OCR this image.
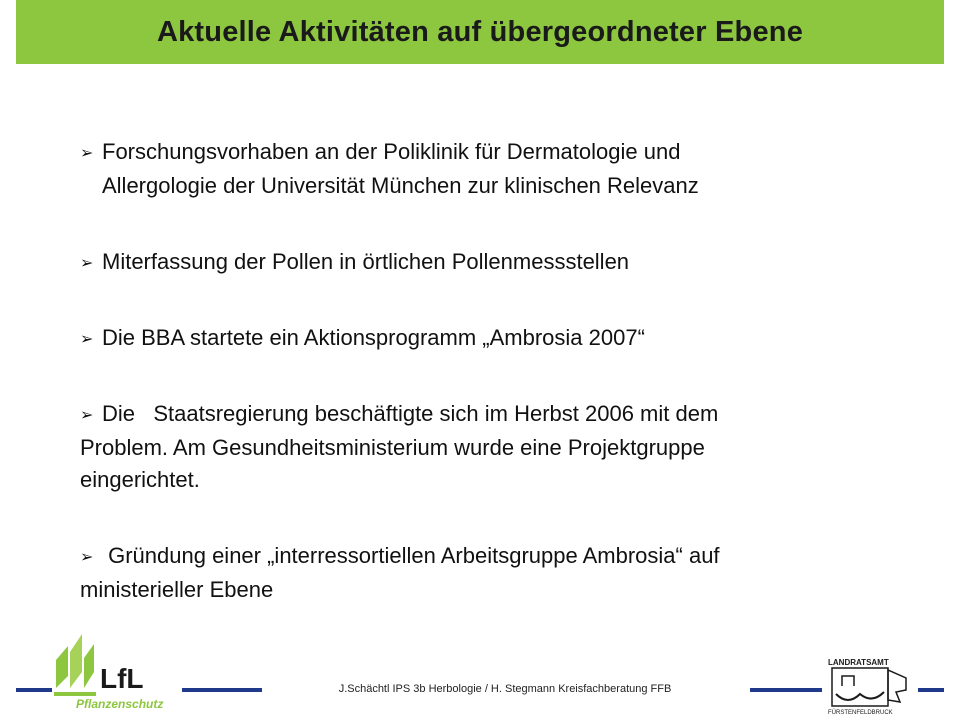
Aktuelle Aktivitäten auf übergeordneter Ebene
➢ Forschungsvorhaben an der Poliklinik für Dermatologie und
Allergologie der Universität München zur klinischen Relevanz
➢ Miterfassung der Pollen in örtlichen Pollenmessstellen
➢ Die BBA startete ein Aktionsprogramm „Ambrosia 2007“
➢ Die   Staatsregierung beschäftigte sich im Herbst 2006 mit dem
Problem. Am Gesundheitsministerium wurde eine Projektgruppe
eingerichtet.
➢ Gründung einer „interressortiellen Arbeitsgruppe Ambrosia“ auf
ministerieller Ebene
J.Schächtl IPS 3b Herbologie / H. Stegmann Kreisfachberatung FFB
LfL
Pflanzenschutz
LANDRATSAMT
FÜRSTENFELDBRUCK
